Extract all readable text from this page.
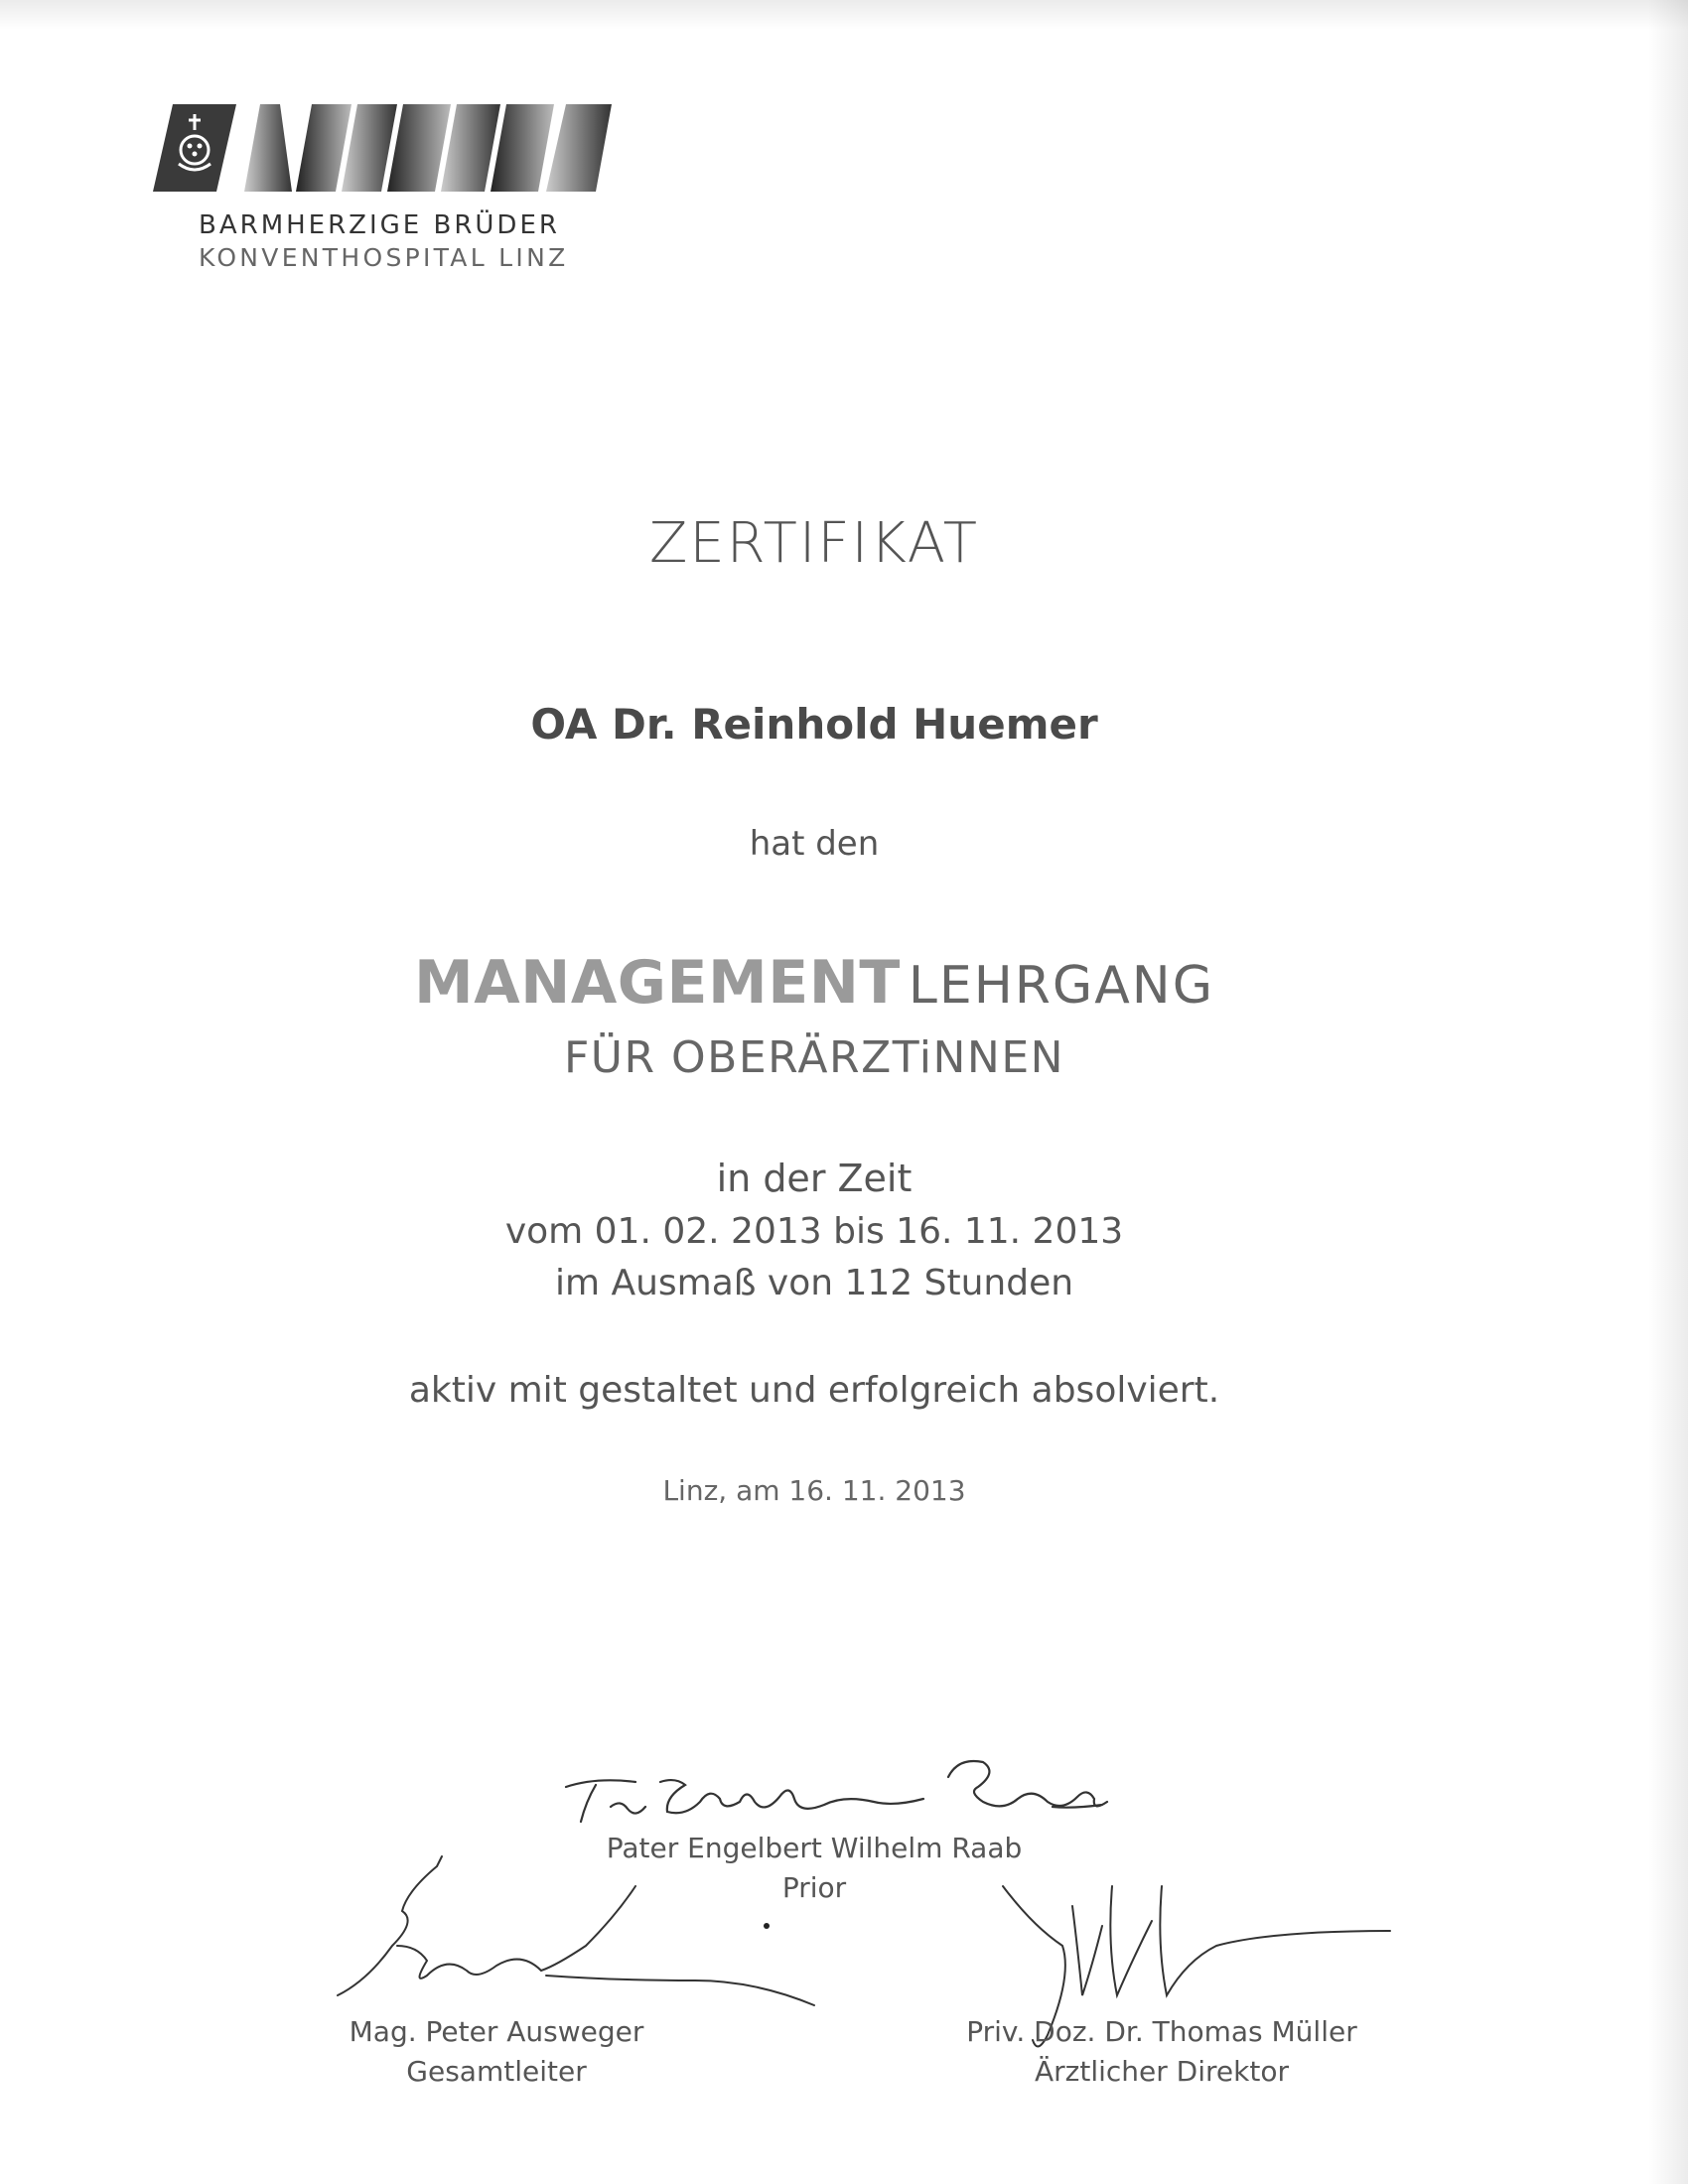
BARMHERZIGE BRÜDER
KONVENTHOSPITAL LINZ
ZERTIFIKAT
OA Dr. Reinhold Huemer
hat den
MANAGEMENT LEHRGANG
FÜR OBERÄRZTiNNEN
in der Zeit
vom 01. 02. 2013 bis 16. 11. 2013
im Ausmaß von 112 Stunden
aktiv mit gestaltet und erfolgreich absolviert.
Linz, am 16. 11. 2013
Pater Engelbert Wilhelm Raab
Prior
Mag. Peter Ausweger
Gesamtleiter
Priv. Doz. Dr. Thomas Müller
Ärztlicher Direktor
